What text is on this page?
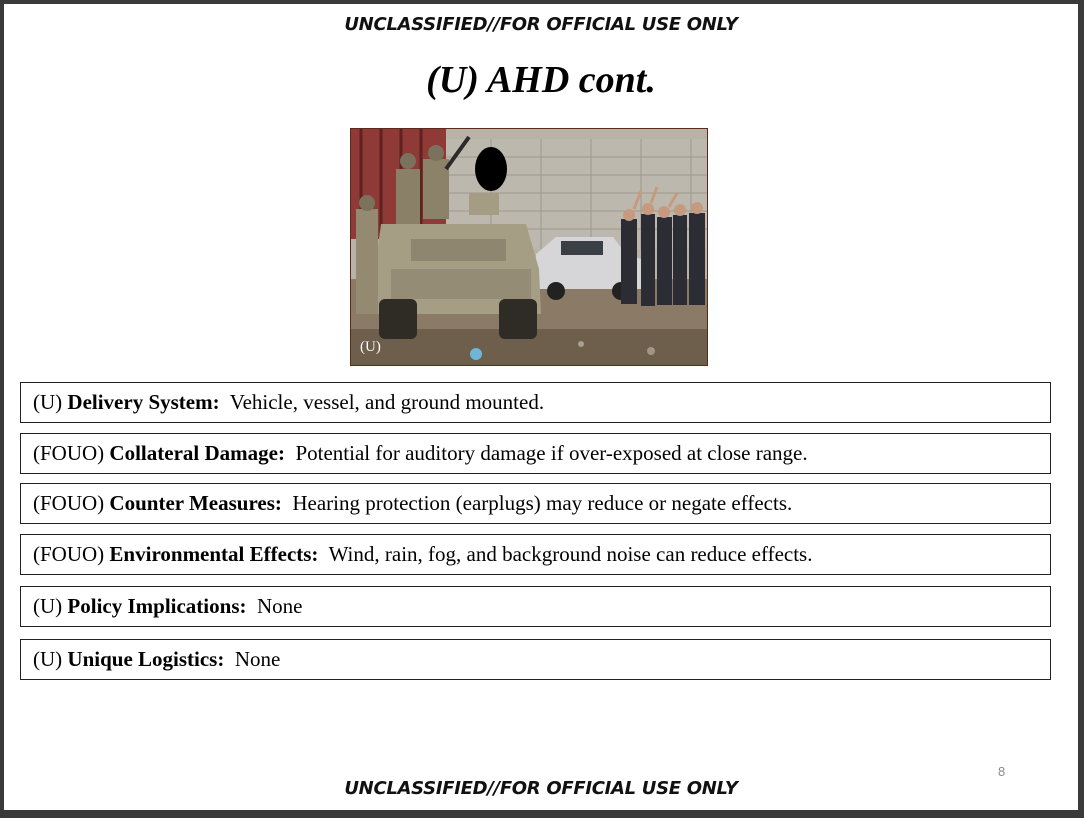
UNCLASSIFIED//FOR OFFICIAL USE ONLY
(U) AHD cont.
(U)
(U) Delivery System: Vehicle, vessel, and ground mounted.
(FOUO) Collateral Damage: Potential for auditory damage if over-exposed at close range.
(FOUO) Counter Measures: Hearing protection (earplugs) may reduce or negate effects.
(FOUO) Environmental Effects: Wind, rain, fog, and background noise can reduce effects.
(U) Policy Implications: None
(U) Unique Logistics: None
8
UNCLASSIFIED//FOR OFFICIAL USE ONLY
